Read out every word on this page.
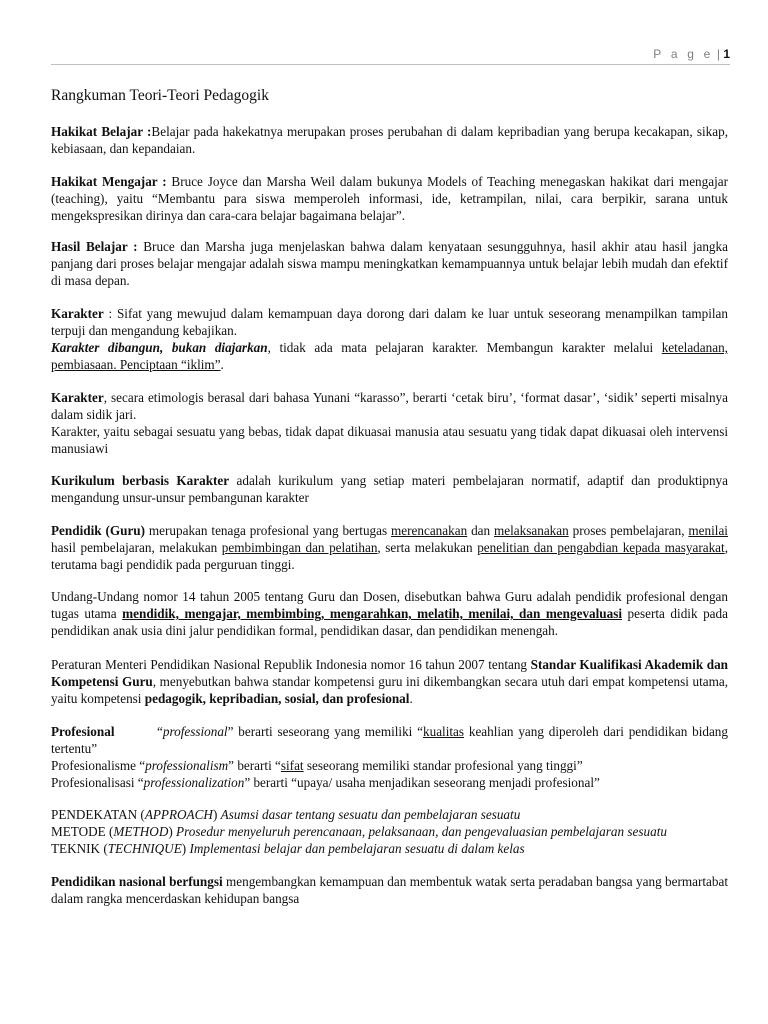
P a g e | 1
Rangkuman Teori-Teori Pedagogik

Hakikat Belajar :Belajar pada hakekatnya merupakan proses perubahan di dalam kepribadian yang berupa kecakapan, sikap, kebiasaan, dan kepandaian.

Hakikat Mengajar : Bruce Joyce dan Marsha Weil dalam bukunya Models of Teaching menegaskan hakikat dari mengajar (teaching), yaitu “Membantu para siswa memperoleh informasi, ide, ketrampilan, nilai, cara berpikir, sarana untuk mengekspresikan dirinya dan cara-cara belajar bagaimana belajar”.

Hasil Belajar : Bruce dan Marsha juga menjelaskan bahwa dalam kenyataan sesungguhnya, hasil akhir atau hasil jangka panjang dari proses belajar mengajar adalah siswa mampu meningkatkan kemampuannya untuk belajar lebih mudah dan efektif di masa depan.

Karakter : Sifat yang mewujud dalam kemampuan daya dorong dari dalam ke luar untuk seseorang menampilkan tampilan terpuji dan mengandung kebajikan.
Karakter dibangun, bukan diajarkan, tidak ada mata pelajaran karakter. Membangun karakter melalui keteladanan, pembiasaan. Penciptaan “iklim”.

Karakter, secara etimologis berasal dari bahasa Yunani “karasso”, berarti ‘cetak biru’, ‘format dasar’, ‘sidik’ seperti misalnya dalam sidik jari.
Karakter, yaitu sebagai sesuatu yang bebas, tidak dapat dikuasai manusia atau sesuatu yang tidak dapat dikuasai oleh intervensi manusiawi

Kurikulum berbasis Karakter adalah kurikulum yang setiap materi pembelajaran normatif, adaptif dan produktipnya mengandung unsur-unsur pembangunan karakter

Pendidik (Guru) merupakan tenaga profesional yang bertugas merencanakan dan melaksanakan proses pembelajaran, menilai hasil pembelajaran, melakukan pembimbingan dan pelatihan, serta melakukan penelitian dan pengabdian kepada masyarakat, terutama bagi pendidik pada perguruan tinggi.

Undang-Undang nomor 14 tahun 2005 tentang Guru dan Dosen, disebutkan bahwa Guru adalah pendidik profesional dengan tugas utama mendidik, mengajar, membimbing, mengarahkan, melatih, menilai, dan mengevaluasi peserta didik pada pendidikan anak usia dini jalur pendidikan formal, pendidikan dasar, dan pendidikan menengah.

Peraturan Menteri Pendidikan Nasional Republik Indonesia nomor 16 tahun 2007 tentang Standar Kualifikasi Akademik dan Kompetensi Guru, menyebutkan bahwa standar kompetensi guru ini dikembangkan secara utuh dari empat kompetensi utama, yaitu kompetensi pedagogik, kepribadian, sosial, dan profesional.

Profesional	“professional” berarti seseorang yang memiliki “kualitas keahlian yang diperoleh dari pendidikan bidang tertentu”

Profesionalisme “professionalism” berarti “sifat seseorang memiliki standar profesional yang tinggi”
Profesionalisasi “professionalization” berarti “upaya/ usaha menjadikan seseorang menjadi profesional”

PENDEKATAN (APPROACH) Asumsi dasar tentang sesuatu dan pembelajaran sesuatu
METODE (METHOD) Prosedur menyeluruh perencanaan, pelaksanaan, dan pengevaluasian pembelajaran sesuatu
TEKNIK (TECHNIQUE) Implementasi belajar dan pembelajaran sesuatu di dalam kelas

Pendidikan nasional berfungsi mengembangkan kemampuan dan membentuk watak serta peradaban bangsa yang bermartabat dalam rangka mencerdaskan kehidupan bangsa
